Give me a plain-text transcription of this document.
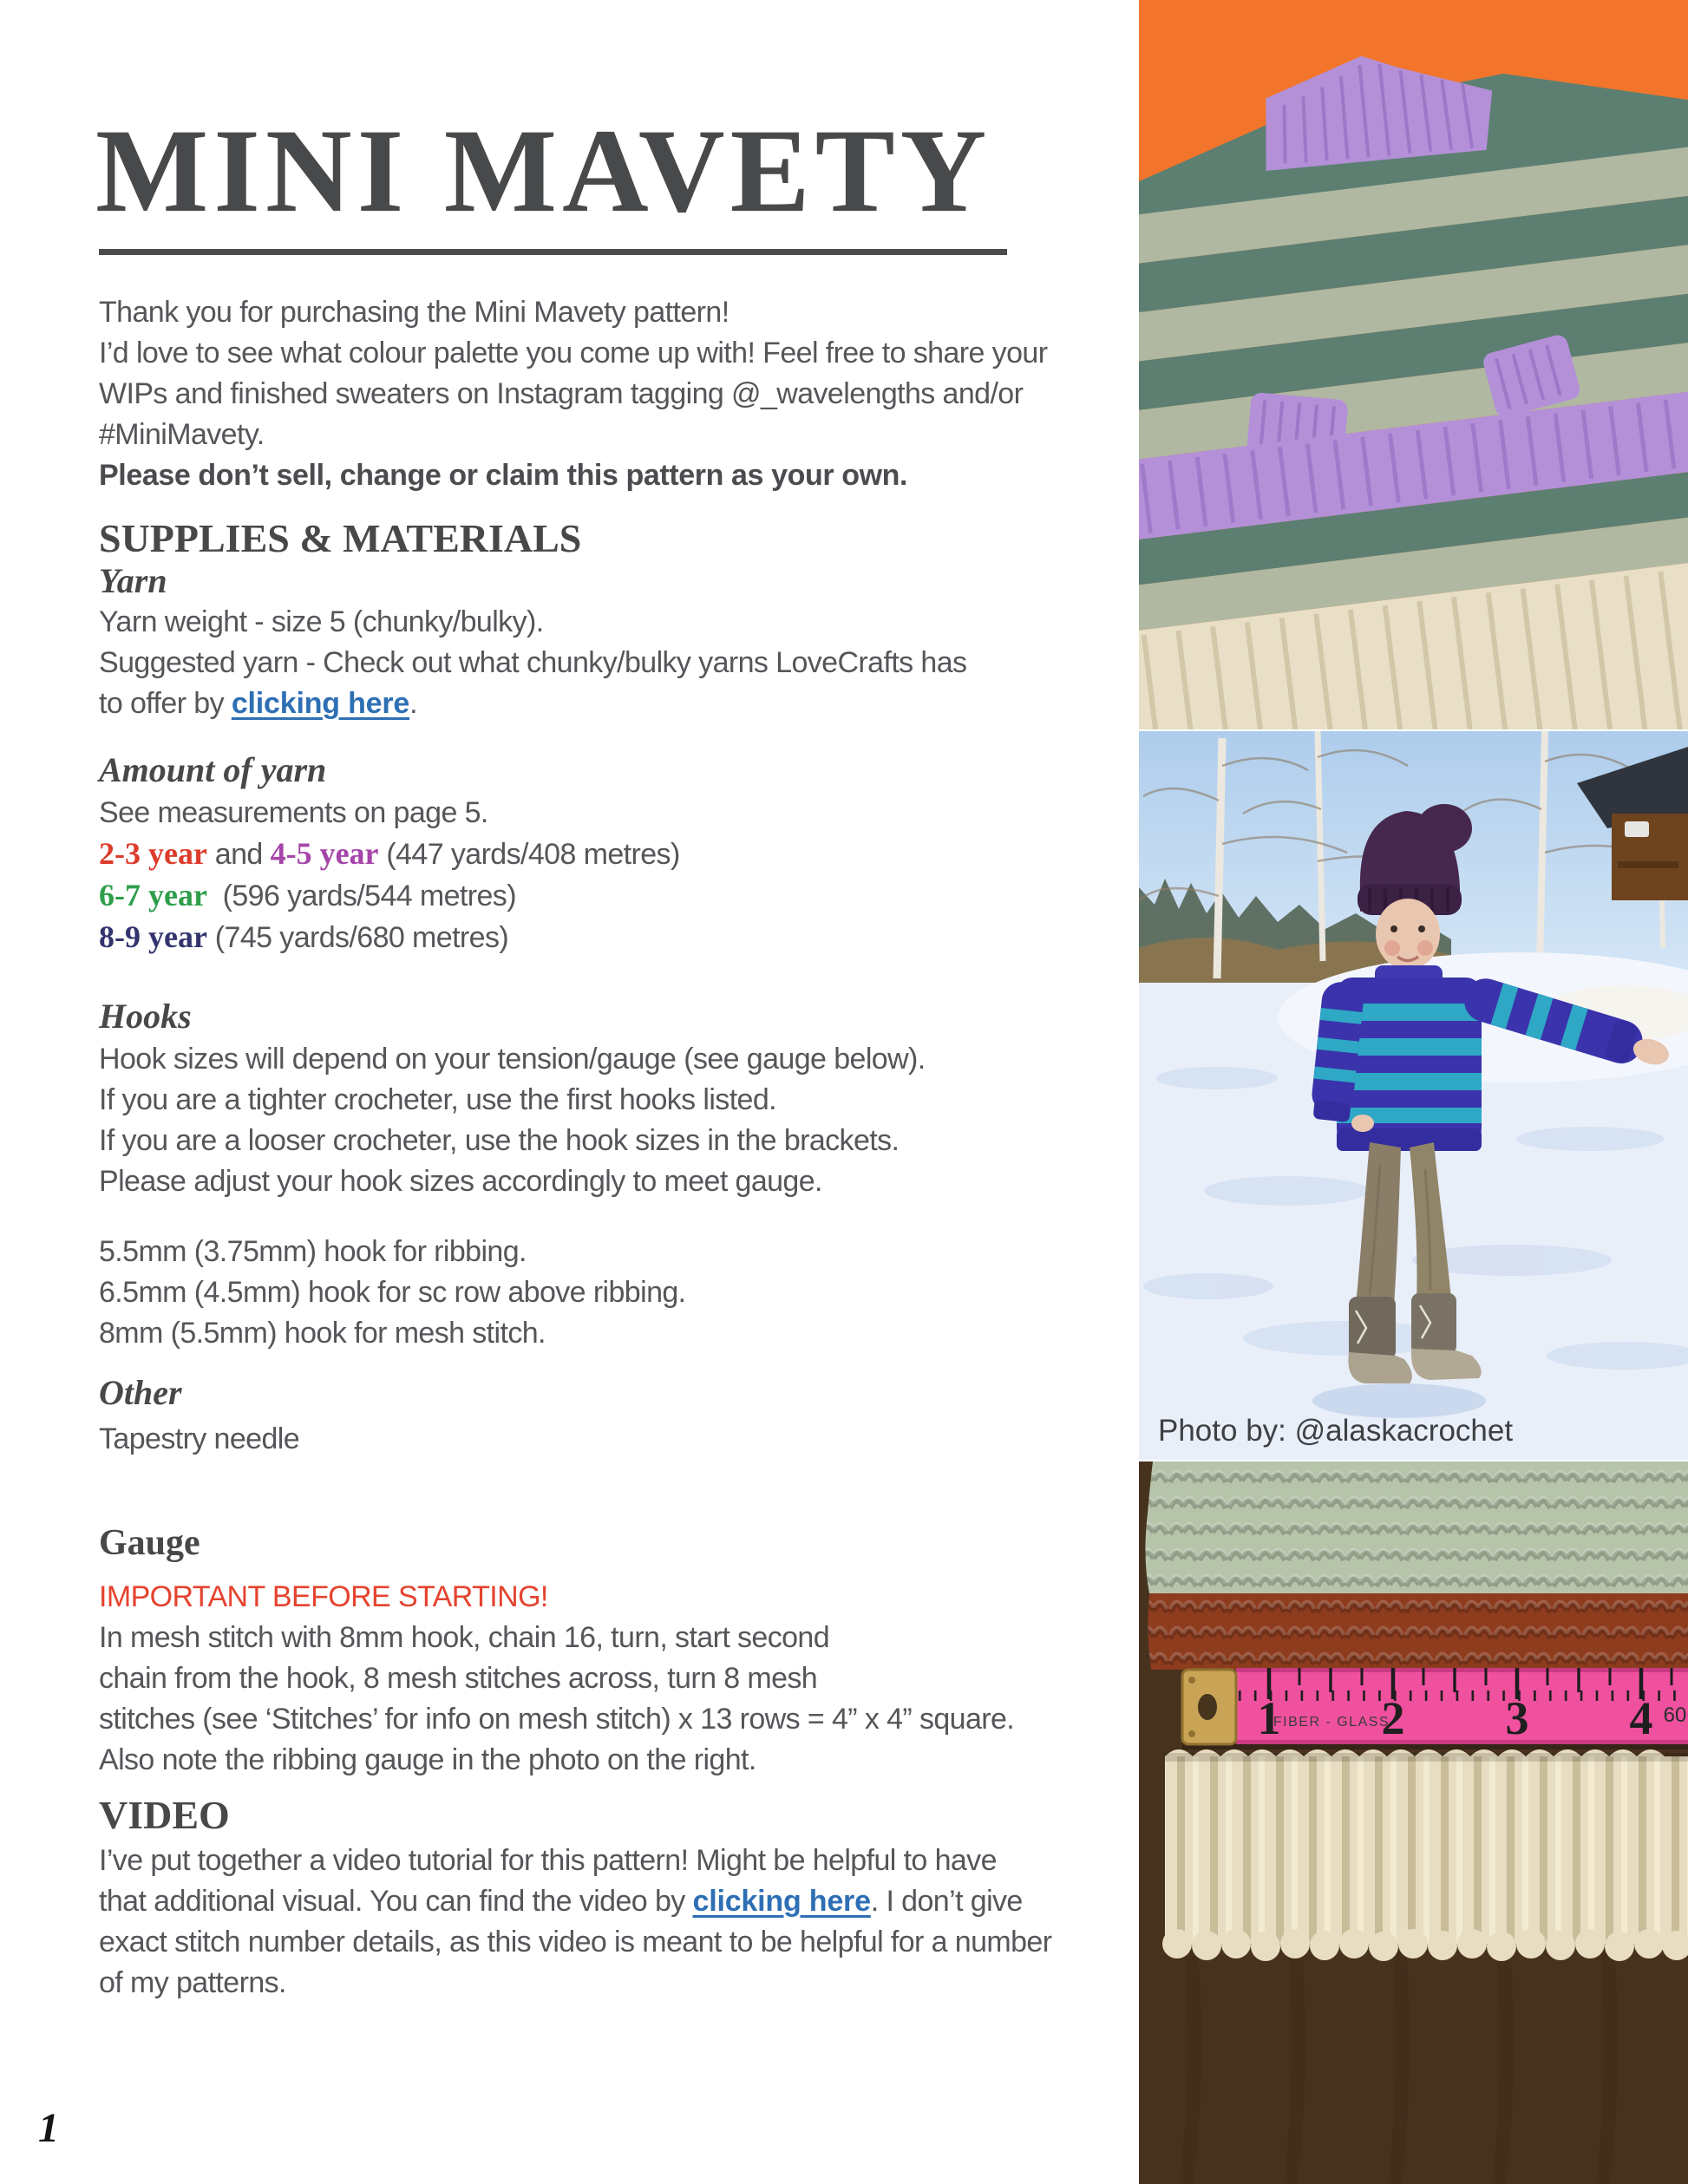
MINI MAVETY
Thank you for purchasing the Mini Mavety pattern!
I’d love to see what colour palette you come up with! Feel free to share your
WIPs and finished sweaters on Instagram tagging @_wavelengths and/or
#MiniMavety.
Please don’t sell, change or claim this pattern as your own.
SUPPLIES & MATERIALS
Yarn
Yarn weight - size 5 (chunky/bulky).
Suggested yarn - Check out what chunky/bulky yarns LoveCrafts has
to offer by clicking here.
Amount of yarn
See measurements on page 5.
2-3 year and 4-5 year (447 yards/408 metres)
6-7 year  (596 yards/544 metres)
8-9 year (745 yards/680 metres)
Hooks
Hook sizes will depend on your tension/gauge (see gauge below).
If you are a tighter crocheter, use the first hooks listed.
If you are a looser crocheter, use the hook sizes in the brackets.
Please adjust your hook sizes accordingly to meet gauge.
5.5mm (3.75mm) hook for ribbing.
6.5mm (4.5mm) hook for sc row above ribbing.
8mm (5.5mm) hook for mesh stitch.
Other
Tapestry needle
Gauge
IMPORTANT BEFORE STARTING!
In mesh stitch with 8mm hook, chain 16, turn, start second
chain from the hook, 8 mesh stitches across, turn 8 mesh
stitches (see ‘Stitches’ for info on mesh stitch) x 13 rows = 4” x 4” square.
Also note the ribbing gauge in the photo on the right.
VIDEO
I’ve put together a video tutorial for this pattern! Might be helpful to have
that additional visual. You can find the video by clicking here. I don’t give
exact stitch number details, as this video is meant to be helpful for a number
of my patterns.
1
Photo by: @alaskacrochet
1 2 3 4
FIBER - GLASS	60
